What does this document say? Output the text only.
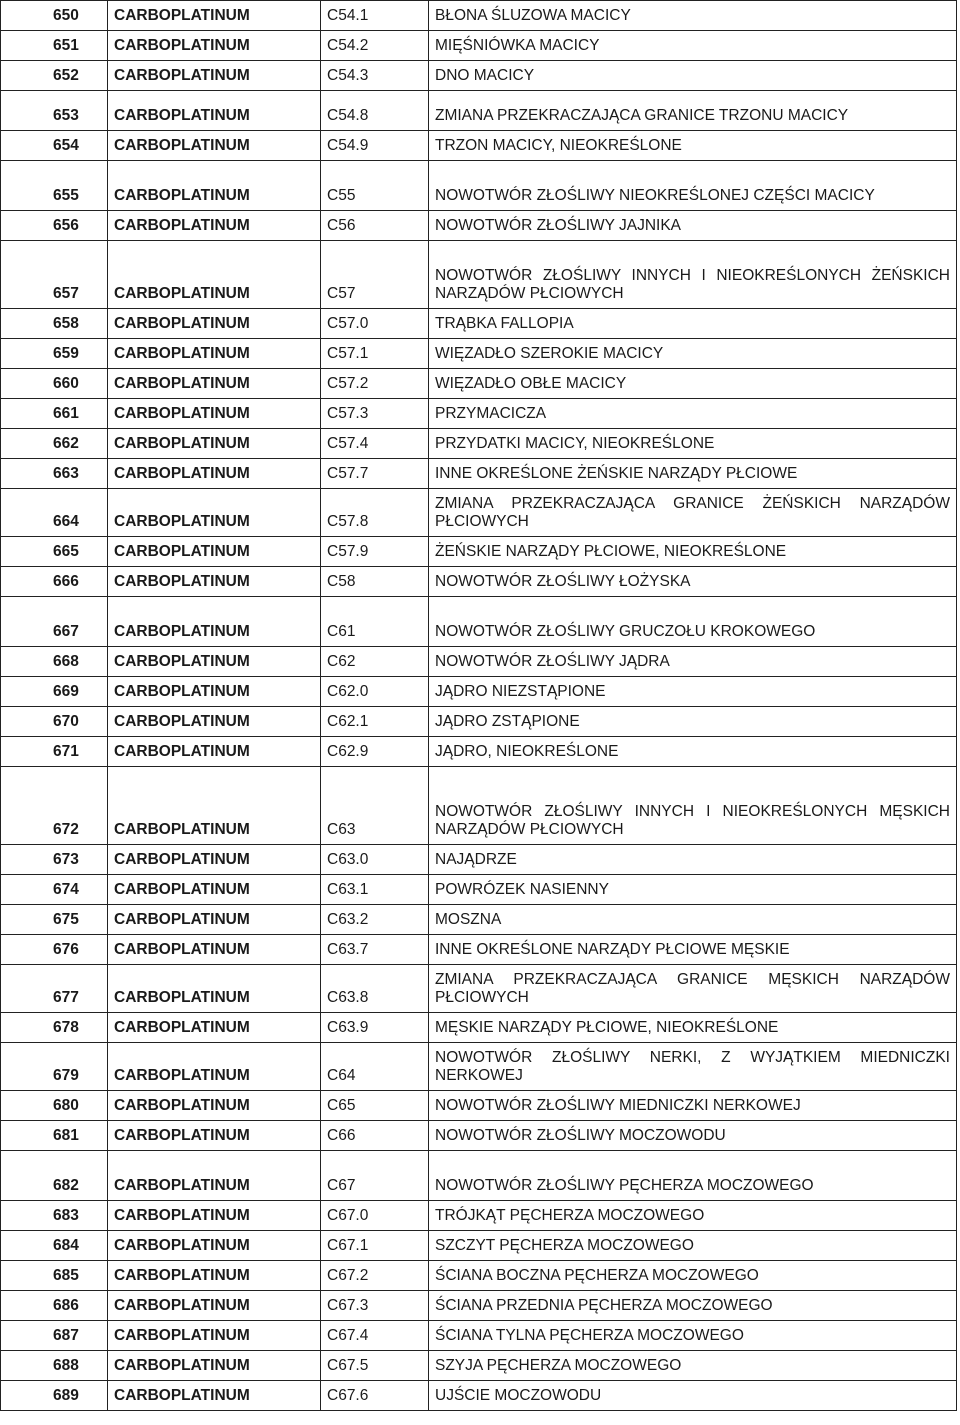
650	CARBOPLATINUM	C54.1	BŁONA ŚLUZOWA MACICY
651	CARBOPLATINUM	C54.2	MIĘŚNIÓWKA MACICY
652	CARBOPLATINUM	C54.3	DNO MACICY
653	CARBOPLATINUM	C54.8	ZMIANA PRZEKRACZAJĄCA GRANICE TRZONU MACICY
654	CARBOPLATINUM	C54.9	TRZON MACICY, NIEOKREŚLONE
655	CARBOPLATINUM	C55	NOWOTWÓR ZŁOŚLIWY NIEOKREŚLONEJ CZĘŚCI MACICY
656	CARBOPLATINUM	C56	NOWOTWÓR ZŁOŚLIWY JAJNIKA
657	CARBOPLATINUM	C57	NOWOTWÓR ZŁOŚLIWY INNYCH I NIEOKREŚLONYCH ŻEŃSKICH NARZĄDÓW PŁCIOWYCH
658	CARBOPLATINUM	C57.0	TRĄBKA FALLOPIA
659	CARBOPLATINUM	C57.1	WIĘZADŁO SZEROKIE MACICY
660	CARBOPLATINUM	C57.2	WIĘZADŁO OBŁE MACICY
661	CARBOPLATINUM	C57.3	PRZYMACICZA
662	CARBOPLATINUM	C57.4	PRZYDATKI MACICY, NIEOKREŚLONE
663	CARBOPLATINUM	C57.7	INNE OKREŚLONE ŻEŃSKIE NARZĄDY PŁCIOWE
664	CARBOPLATINUM	C57.8	ZMIANA PRZEKRACZAJĄCA GRANICE ŻEŃSKICH NARZĄDÓW PŁCIOWYCH
665	CARBOPLATINUM	C57.9	ŻEŃSKIE NARZĄDY PŁCIOWE, NIEOKREŚLONE
666	CARBOPLATINUM	C58	NOWOTWÓR ZŁOŚLIWY ŁOŻYSKA
667	CARBOPLATINUM	C61	NOWOTWÓR ZŁOŚLIWY GRUCZOŁU KROKOWEGO
668	CARBOPLATINUM	C62	NOWOTWÓR ZŁOŚLIWY JĄDRA
669	CARBOPLATINUM	C62.0	JĄDRO NIEZSTĄPIONE
670	CARBOPLATINUM	C62.1	JĄDRO ZSTĄPIONE
671	CARBOPLATINUM	C62.9	JĄDRO, NIEOKREŚLONE
672	CARBOPLATINUM	C63	NOWOTWÓR ZŁOŚLIWY INNYCH I NIEOKREŚLONYCH MĘSKICH NARZĄDÓW PŁCIOWYCH
673	CARBOPLATINUM	C63.0	NAJĄDRZE
674	CARBOPLATINUM	C63.1	POWRÓZEK NASIENNY
675	CARBOPLATINUM	C63.2	MOSZNA
676	CARBOPLATINUM	C63.7	INNE OKREŚLONE NARZĄDY PŁCIOWE MĘSKIE
677	CARBOPLATINUM	C63.8	ZMIANA PRZEKRACZAJĄCA GRANICE MĘSKICH NARZĄDÓW PŁCIOWYCH
678	CARBOPLATINUM	C63.9	MĘSKIE NARZĄDY PŁCIOWE, NIEOKREŚLONE
679	CARBOPLATINUM	C64	NOWOTWÓR ZŁOŚLIWY NERKI, Z WYJĄTKIEM MIEDNICZKI NERKOWEJ
680	CARBOPLATINUM	C65	NOWOTWÓR ZŁOŚLIWY MIEDNICZKI NERKOWEJ
681	CARBOPLATINUM	C66	NOWOTWÓR ZŁOŚLIWY MOCZOWODU
682	CARBOPLATINUM	C67	NOWOTWÓR ZŁOŚLIWY PĘCHERZA MOCZOWEGO
683	CARBOPLATINUM	C67.0	TRÓJKĄT PĘCHERZA MOCZOWEGO
684	CARBOPLATINUM	C67.1	SZCZYT PĘCHERZA MOCZOWEGO
685	CARBOPLATINUM	C67.2	ŚCIANA BOCZNA PĘCHERZA MOCZOWEGO
686	CARBOPLATINUM	C67.3	ŚCIANA PRZEDNIA PĘCHERZA MOCZOWEGO
687	CARBOPLATINUM	C67.4	ŚCIANA TYLNA PĘCHERZA MOCZOWEGO
688	CARBOPLATINUM	C67.5	SZYJA PĘCHERZA MOCZOWEGO
689	CARBOPLATINUM	C67.6	UJŚCIE MOCZOWODU
